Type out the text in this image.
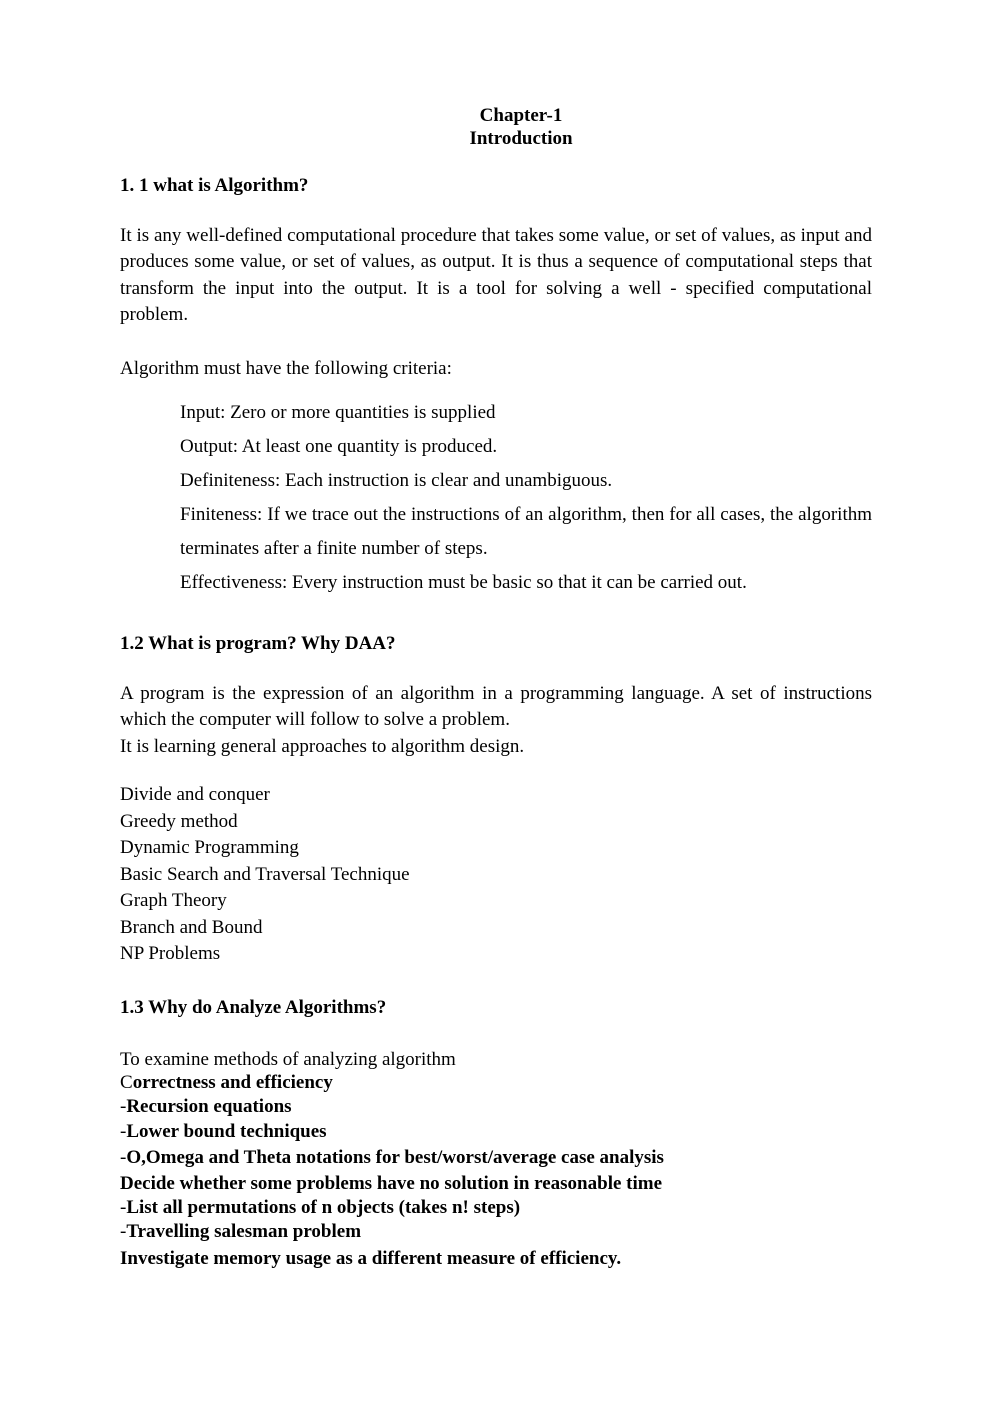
Chapter-1
Introduction

1. 1 what is Algorithm?

It is any well-defined computational procedure that takes some value, or set of values, as input and produces some value, or set of values, as output. It is thus a sequence of computational steps that transform the input into the output. It is a tool for solving a well - specified computational problem.

Algorithm must have the following criteria:

Input: Zero or more quantities is supplied

Output: At least one quantity is produced.

Definiteness: Each instruction is clear and unambiguous.

Finiteness: If we trace out the instructions of an algorithm, then for all cases, the algorithm terminates after a finite number of steps.

Effectiveness: Every instruction must be basic so that it can be carried out.

1.2 What is program? Why DAA?

A program is the expression of an algorithm in a programming language. A set of instructions which the computer will follow to solve a problem.

It is learning general approaches to algorithm design.

Divide and conquer

Greedy method

Dynamic Programming

Basic Search and Traversal Technique

Graph Theory

Branch and Bound

NP Problems

1.3 Why do Analyze Algorithms?

To examine methods of analyzing algorithm

Correctness and efficiency

-Recursion equations

-Lower bound techniques

-O,Omega and Theta notations for best/worst/average case analysis

Decide whether some problems have no solution in reasonable time

-List all permutations of n objects (takes n! steps)

-Travelling salesman problem

Investigate memory usage as a different measure of efficiency.
